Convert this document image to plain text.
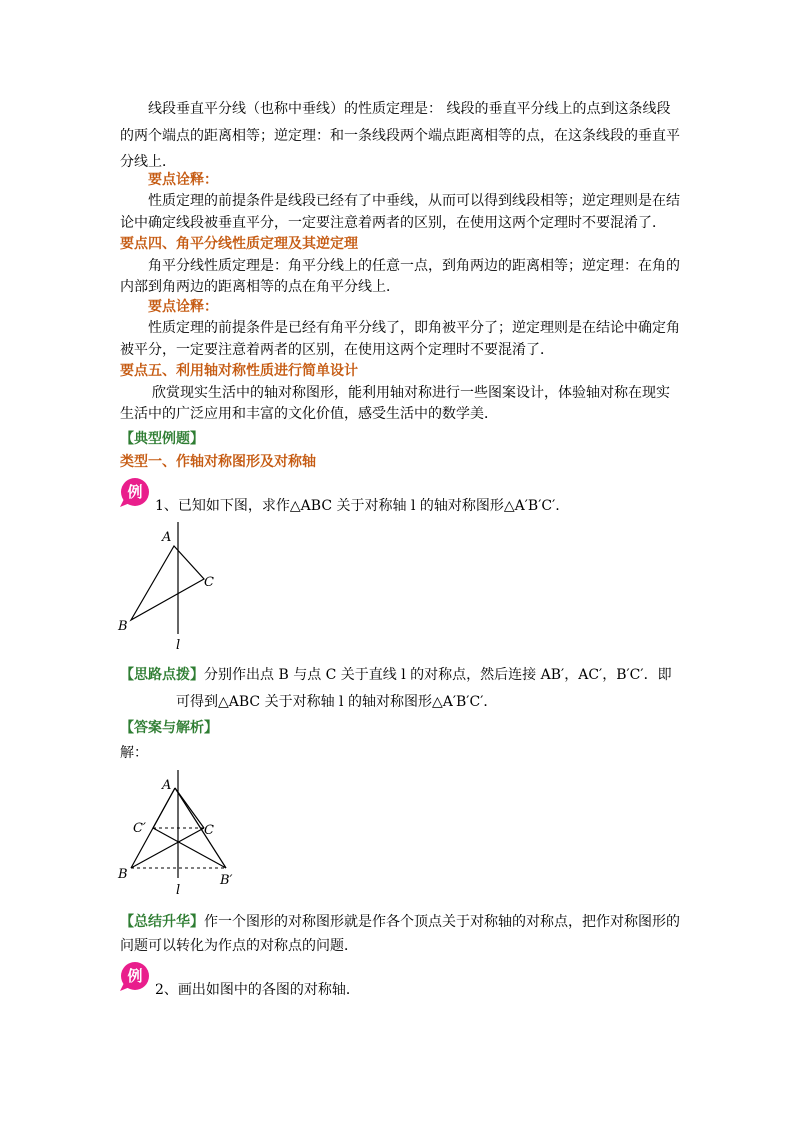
线段垂直平分线（也称中垂线）的性质定理是： 线段的垂直平分线上的点到这条线段
的两个端点的距离相等；逆定理：和一条线段两个端点距离相等的点，在这条线段的垂直平
分线上．
要点诠释：
性质定理的前提条件是线段已经有了中垂线，从而可以得到线段相等；逆定理则是在结
论中确定线段被垂直平分，一定要注意着两者的区别，在使用这两个定理时不要混淆了．
要点四、角平分线性质定理及其逆定理
角平分线性质定理是：角平分线上的任意一点，到角两边的距离相等；逆定理：在角的
内部到角两边的距离相等的点在角平分线上．
要点诠释：
性质定理的前提条件是已经有角平分线了，即角被平分了；逆定理则是在结论中确定角
被平分，一定要注意着两者的区别，在使用这两个定理时不要混淆了．
要点五、利用轴对称性质进行简单设计
欣赏现实生活中的轴对称图形，能利用轴对称进行一些图案设计，体验轴对称在现实
生活中的广泛应用和丰富的文化价值，感受生活中的数学美．
【典型例题】
类型一、作轴对称图形及对称轴
例
1、已知如下图，求作△ABC 关于对称轴 l 的轴对称图形△A′B′C′.
A
C
B
l
【思路点拨】分别作出点 B 与点 C 关于直线 l 的对称点，然后连接 AB′，AC′，B′C′．即
可得到△ABC 关于对称轴 l 的轴对称图形△A′B′C′．
【答案与解析】
解：
A
C′	C
B	B′
l
【总结升华】作一个图形的对称图形就是作各个顶点关于对称轴的对称点，把作对称图形的
问题可以转化为作点的对称点的问题．
例
2、画出如图中的各图的对称轴．
